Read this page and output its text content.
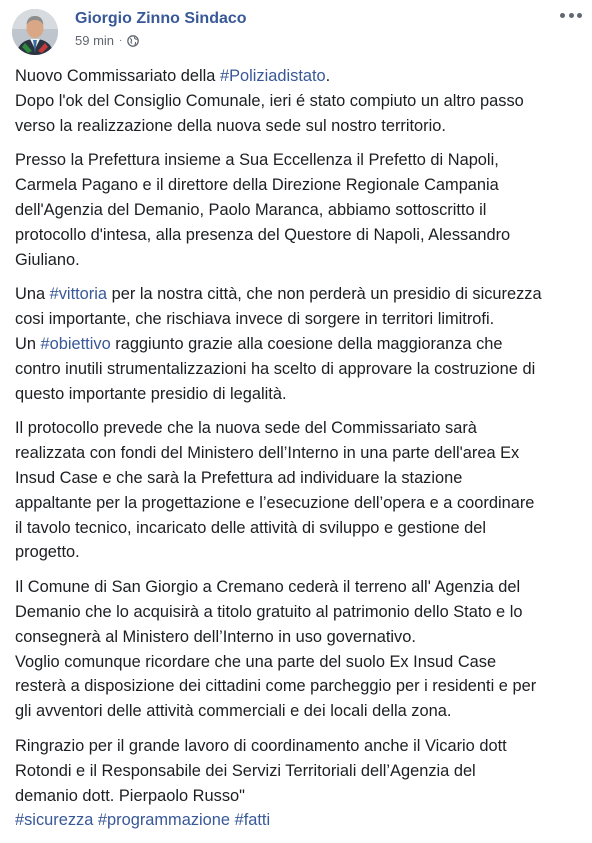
Giorgio Zinno Sindaco
59 min ·

Nuovo Commissariato della #Poliziadistato.
Dopo l'ok del Consiglio Comunale, ieri é stato compiuto un altro passo
verso la realizzazione della nuova sede sul nostro territorio.

Presso la Prefettura insieme a Sua Eccellenza il Prefetto di Napoli,
Carmela Pagano e il direttore della Direzione Regionale Campania
dell'Agenzia del Demanio, Paolo Maranca, abbiamo sottoscritto il
protocollo d'intesa, alla presenza del Questore di Napoli, Alessandro
Giuliano.

Una #vittoria per la nostra città, che non perderà un presidio di sicurezza
cosi importante, che rischiava invece di sorgere in territori limitrofi.
Un #obiettivo raggiunto grazie alla coesione della maggioranza che
contro inutili strumentalizzazioni ha scelto di approvare la costruzione di
questo importante presidio di legalità.

Il protocollo prevede che la nuova sede del Commissariato sarà
realizzata con fondi del Ministero dell’Interno in una parte dell'area Ex
Insud Case e che sarà la Prefettura ad individuare la stazione
appaltante per la progettazione e l’esecuzione dell’opera e a coordinare
il tavolo tecnico, incaricato delle attività di sviluppo e gestione del
progetto.

Il Comune di San Giorgio a Cremano cederà il terreno all' Agenzia del
Demanio che lo acquisirà a titolo gratuito al patrimonio dello Stato e lo
consegnerà al Ministero dell’Interno in uso governativo.
Voglio comunque ricordare che una parte del suolo Ex Insud Case
resterà a disposizione dei cittadini come parcheggio per i residenti e per
gli avventori delle attività commerciali e dei locali della zona.

Ringrazio per il grande lavoro di coordinamento anche il Vicario dott
Rotondi e il Responsabile dei Servizi Territoriali dell’Agenzia del
demanio dott. Pierpaolo Russo"
#sicurezza #programmazione #fatti
